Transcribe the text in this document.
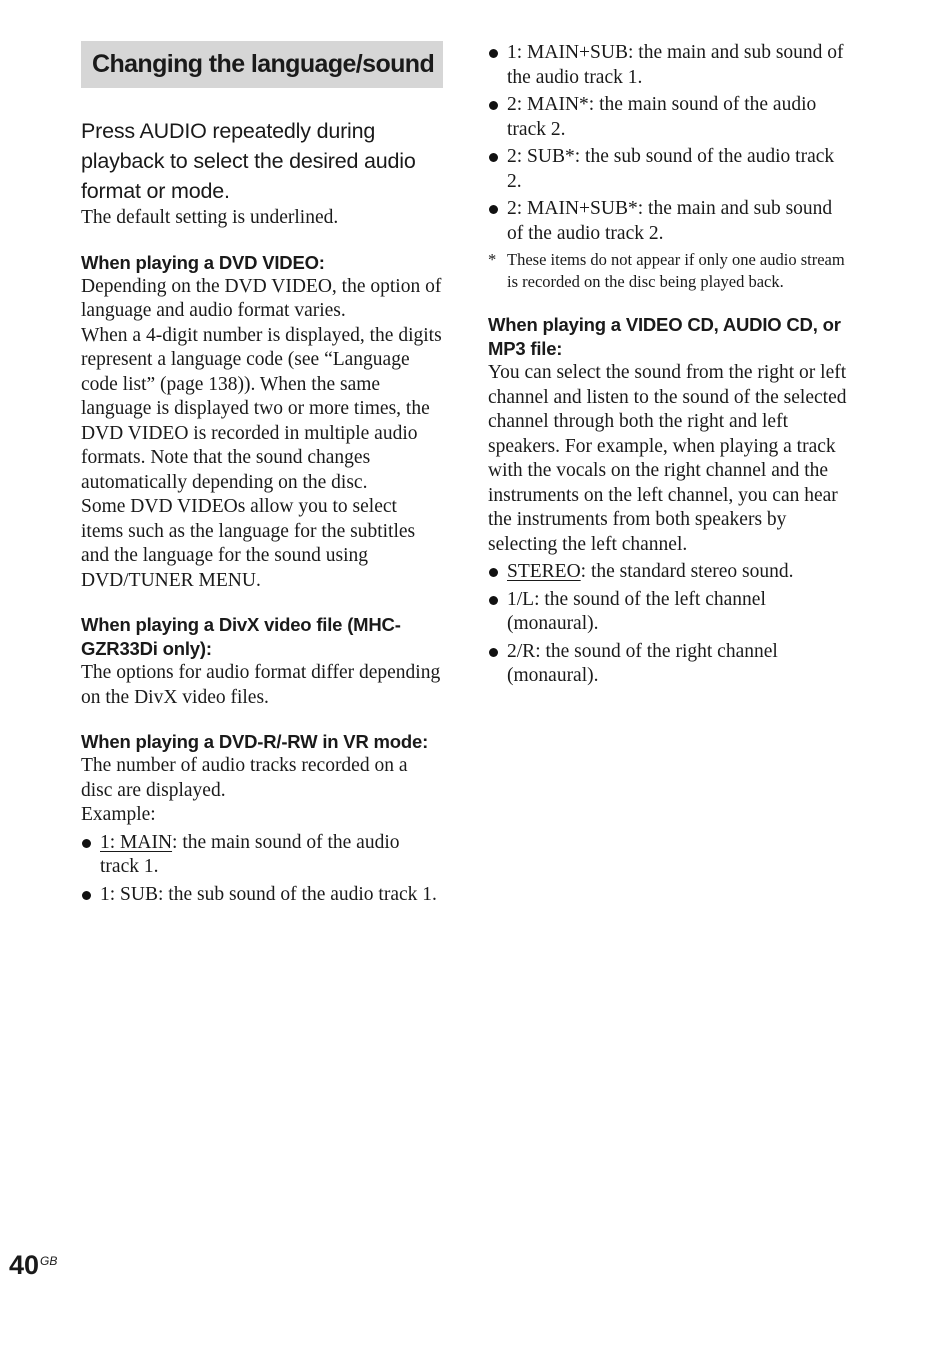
Changing the language/sound
Press AUDIO repeatedly during playback to select the desired audio format or mode.

The default setting is underlined.

When playing a DVD VIDEO:

Depending on the DVD VIDEO, the option of language and audio format varies.

When a 4-digit number is displayed, the digits represent a language code (see “Language code list” (page 138)). When the same language is displayed two or more times, the DVD VIDEO is recorded in multiple audio formats. Note that the sound changes automatically depending on the disc.

Some DVD VIDEOs allow you to select items such as the language for the subtitles and the language for the sound using DVD/TUNER MENU.

When playing a DivX video file (MHC-GZR33Di only):

The options for audio format differ depending on the DivX video files.

When playing a DVD-R/-RW in VR mode:

The number of audio tracks recorded on a disc are displayed.

Example:

1: MAIN: the main sound of the audio track 1.
1: SUB: the sub sound of the audio track 1.
1: MAIN+SUB: the main and sub sound of the audio track 1.
2: MAIN*: the main sound of the audio track 2.
2: SUB*: the sub sound of the audio track 2.
2: MAIN+SUB*: the main and sub sound of the audio track 2.
* These items do not appear if only one audio stream is recorded on the disc being played back.
When playing a VIDEO CD, AUDIO CD, or MP3 file:

You can select the sound from the right or left channel and listen to the sound of the selected channel through both the right and left speakers. For example, when playing a track with the vocals on the right channel and the instruments on the left channel, you can hear the instruments from both speakers by selecting the left channel.

STEREO: the standard stereo sound.
1/L: the sound of the left channel (monaural).
2/R: the sound of the right channel (monaural).
$40^{GB}$
